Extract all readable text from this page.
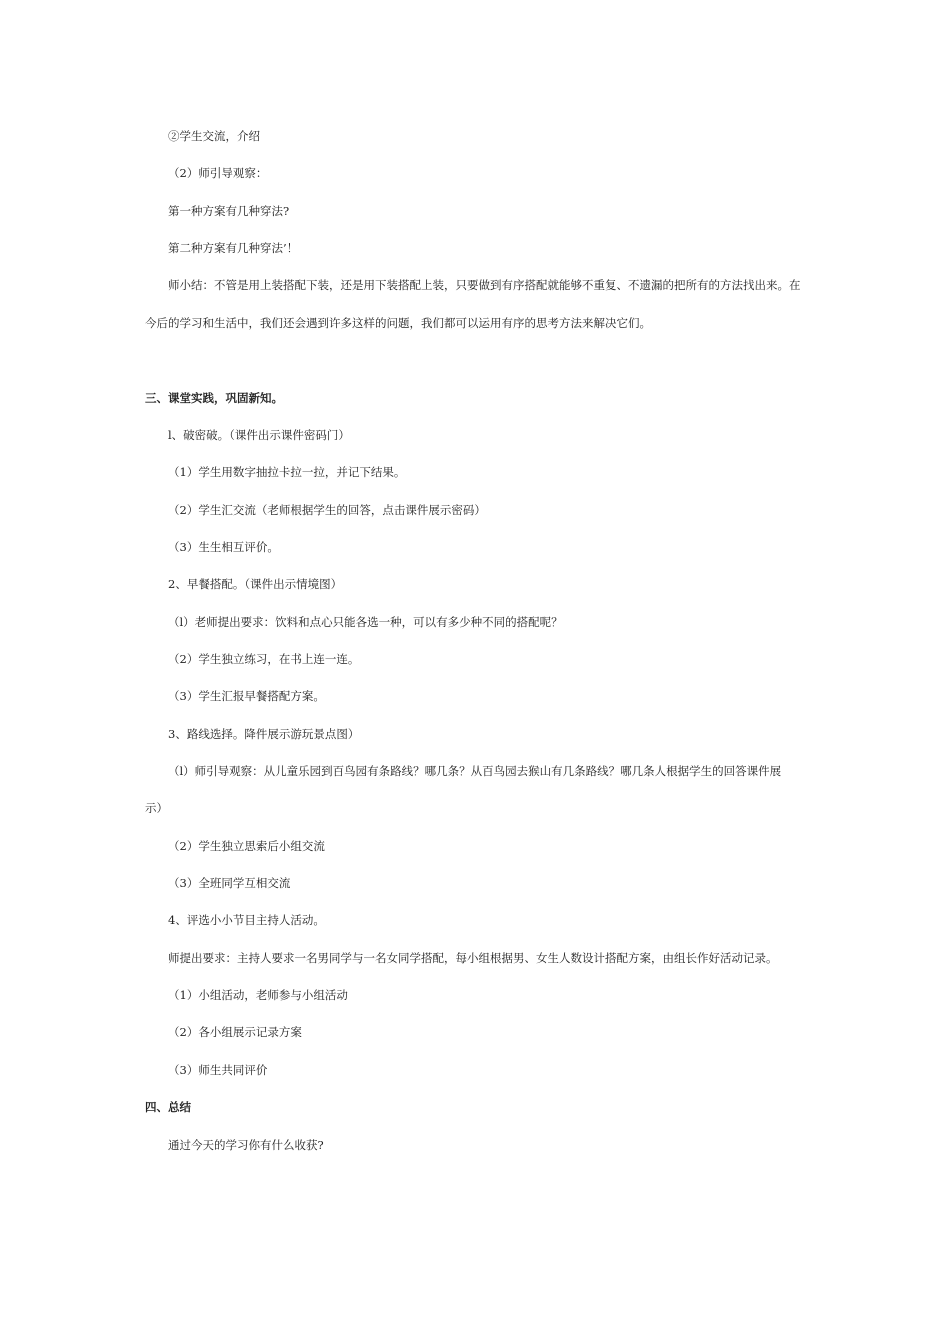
②学生交流，介绍
（2）师引导观察：
第一种方案有几种穿法?
第二种方案有几种穿法’！
师小结：不管是用上装搭配下装，还是用下装搭配上装，只要做到有序搭配就能够不重复、不遗漏的把所有的方法找出来。在
今后的学习和生活中，我们还会遇到许多这样的问题，我们都可以运用有序的思考方法来解决它们。
三、课堂实践，巩固新知。
l、破密破。（课件出示课件密码门）
（1）学生用数字抽拉卡拉一拉，并记下结果。
（2）学生汇交流（老师根据学生的回答，点击课件展示密码）
（3）生生相互评价。
2、早餐搭配。（课件出示情境图）
（l）老师提出要求：饮料和点心只能各选一种，可以有多少种不同的搭配呢？
（2）学生独立练习，在书上连一连。
（3）学生汇报早餐搭配方案。
3、路线选择。降件展示游玩景点图）
（l）师引导观察：从儿童乐园到百鸟园有条路线？哪几条？从百鸟园去猴山有几条路线？哪几条人根据学生的回答课件展
示）
（2）学生独立思索后小组交流
（3）全班同学互相交流
4、评选小小节目主持人活动。
师提出要求：主持人要求一名男同学与一名女同学搭配，每小组根据男、女生人数设计搭配方案，由组长作好活动记录。
（1）小组活动，老师参与小组活动
（2）各小组展示记录方案
（3）师生共同评价
四、总结
通过今天的学习你有什么收获?
